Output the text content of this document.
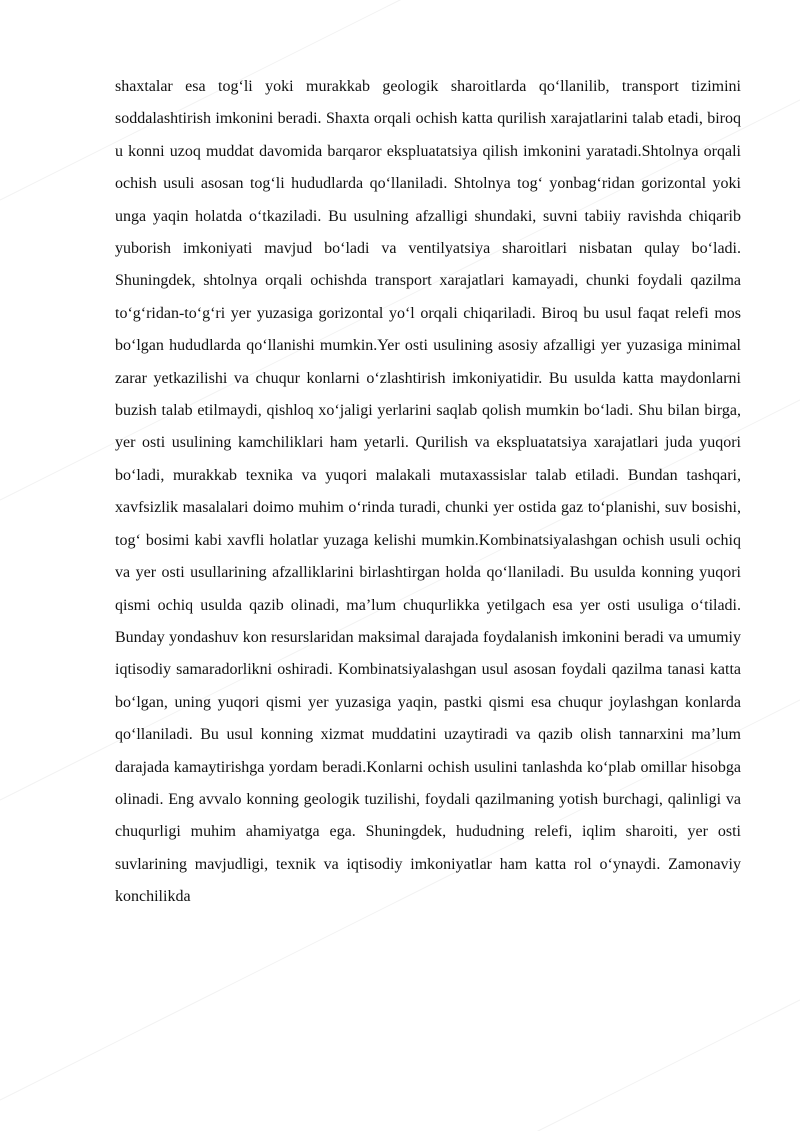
shaxtalar esa tog‘li yoki murakkab geologik sharoitlarda qo‘llanilib, transport tizimini soddalashtirish imkonini beradi. Shaxta orqali ochish katta qurilish xarajatlarini talab etadi, biroq u konni uzoq muddat davomida barqaror ekspluatatsiya qilish imkonini yaratadi.Shtolnya orqali ochish usuli asosan tog‘li hududlarda qo‘llaniladi. Shtolnya tog‘ yonbag‘ridan gorizontal yoki unga yaqin holatda o‘tkaziladi. Bu usulning afzalligi shundaki, suvni tabiiy ravishda chiqarib yuborish imkoniyati mavjud bo‘ladi va ventilyatsiya sharoitlari nisbatan qulay bo‘ladi. Shuningdek, shtolnya orqali ochishda transport xarajatlari kamayadi, chunki foydali qazilma to‘g‘ridan-to‘g‘ri yer yuzasiga gorizontal yo‘l orqali chiqariladi. Biroq bu usul faqat relefi mos bo‘lgan hududlarda qo‘llanishi mumkin.Yer osti usulining asosiy afzalligi yer yuzasiga minimal zarar yetkazilishi va chuqur konlarni o‘zlashtirish imkoniyatidir. Bu usulda katta maydonlarni buzish talab etilmaydi, qishloq xo‘jaligi yerlarini saqlab qolish mumkin bo‘ladi. Shu bilan birga, yer osti usulining kamchiliklari ham yetarli. Qurilish va ekspluatatsiya xarajatlari juda yuqori bo‘ladi, murakkab texnika va yuqori malakali mutaxassislar talab etiladi. Bundan tashqari, xavfsizlik masalalari doimo muhim o‘rinda turadi, chunki yer ostida gaz to‘planishi, suv bosishi, tog‘ bosimi kabi xavfli holatlar yuzaga kelishi mumkin.Kombinatsiyalashgan ochish usuli ochiq va yer osti usullarining afzalliklarini birlashtirgan holda qo‘llaniladi. Bu usulda konning yuqori qismi ochiq usulda qazib olinadi, ma’lum chuqurlikka yetilgach esa yer osti usuliga o‘tiladi. Bunday yondashuv kon resurslaridan maksimal darajada foydalanish imkonini beradi va umumiy iqtisodiy samaradorlikni oshiradi. Kombinatsiyalashgan usul asosan foydali qazilma tanasi katta bo‘lgan, uning yuqori qismi yer yuzasiga yaqin, pastki qismi esa chuqur joylashgan konlarda qo‘llaniladi. Bu usul konning xizmat muddatini uzaytiradi va qazib olish tannarxini ma’lum darajada kamaytirishga yordam beradi.Konlarni ochish usulini tanlashda ko‘plab omillar hisobga olinadi. Eng avvalo konning geologik tuzilishi, foydali qazilmaning yotish burchagi, qalinligi va chuqurligi muhim ahamiyatga ega. Shuningdek, hududning relefi, iqlim sharoiti, yer osti suvlarining mavjudligi, texnik va iqtisodiy imkoniyatlar ham katta rol o‘ynaydi. Zamonaviy konchilikda
